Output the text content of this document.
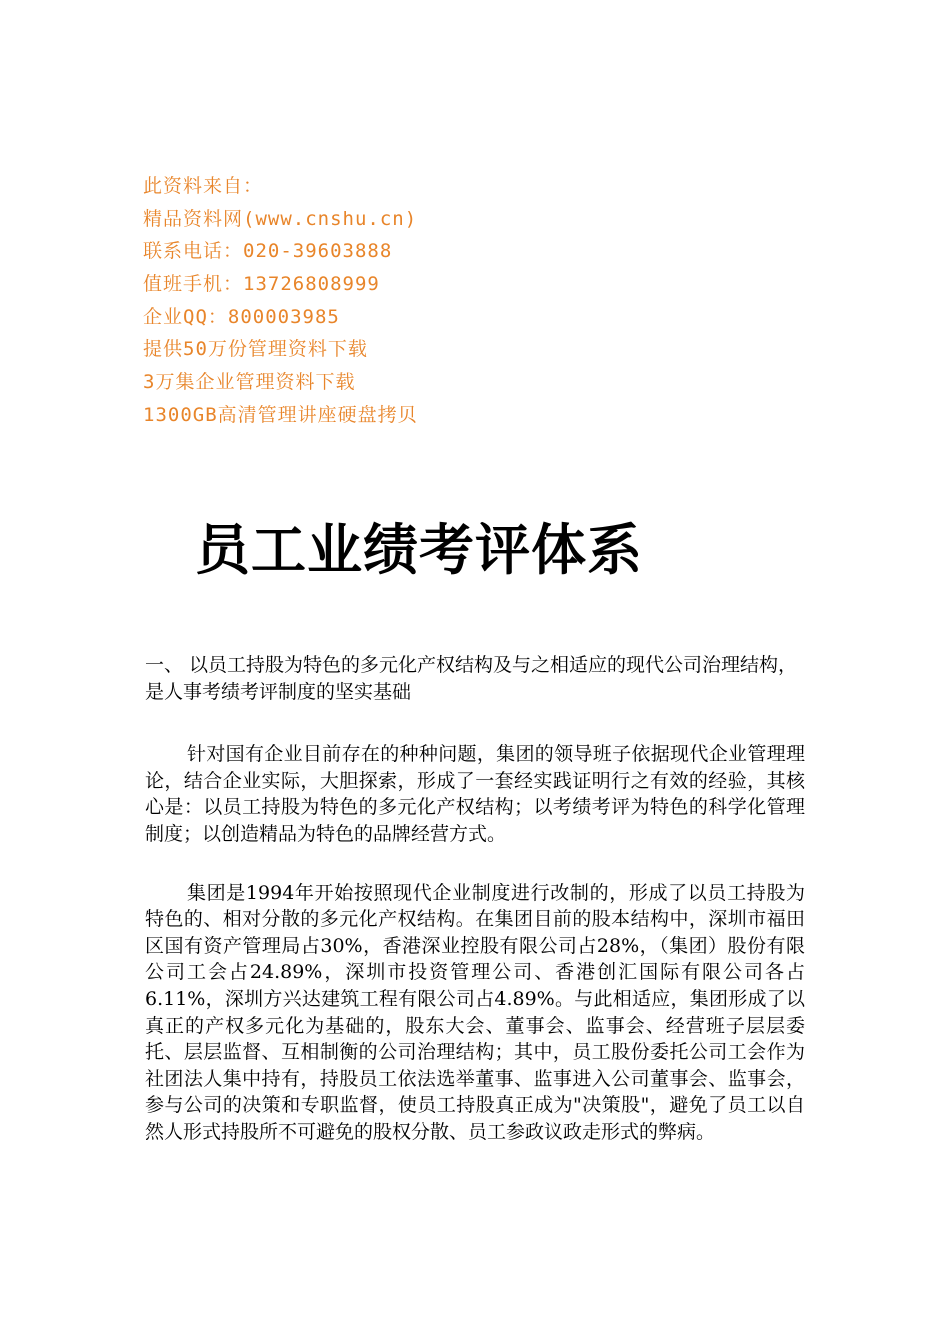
此资料来自：
精品资料网(www.cnshu.cn)
联系电话：020-39603888
值班手机：13726808999
企业QQ：800003985
提供50万份管理资料下载
3万集企业管理资料下载
1300GB高清管理讲座硬盘拷贝
员工业绩考评体系

一、 以员工持股为特色的多元化产权结构及与之相适应的现代公司治理结构，是人事考绩考评制度的坚实基础

针对国有企业目前存在的种种问题，集团的领导班子依据现代企业管理理论，结合企业实际，大胆探索，形成了一套经实践证明行之有效的经验，其核心是：以员工持股为特色的多元化产权结构；以考绩考评为特色的科学化管理制度；以创造精品为特色的品牌经营方式。

集团是1994年开始按照现代企业制度进行改制的，形成了以员工持股为特色的、相对分散的多元化产权结构。在集团目前的股本结构中，深圳市福田区国有资产管理局占30%，香港深业控股有限公司占28%，（集团）股份有限公司工会占24.89%，深圳市投资管理公司、香港创汇国际有限公司各占6.11%，深圳方兴达建筑工程有限公司占4.89%。与此相适应，集团形成了以真正的产权多元化为基础的，股东大会、董事会、监事会、经营班子层层委托、层层监督、互相制衡的公司治理结构；其中，员工股份委托公司工会作为社团法人集中持有，持股员工依法选举董事、监事进入公司董事会、监事会，参与公司的决策和专职监督，使员工持股真正成为"决策股"，避免了员工以自然人形式持股所不可避免的股权分散、员工参政议政走形式的弊病。
